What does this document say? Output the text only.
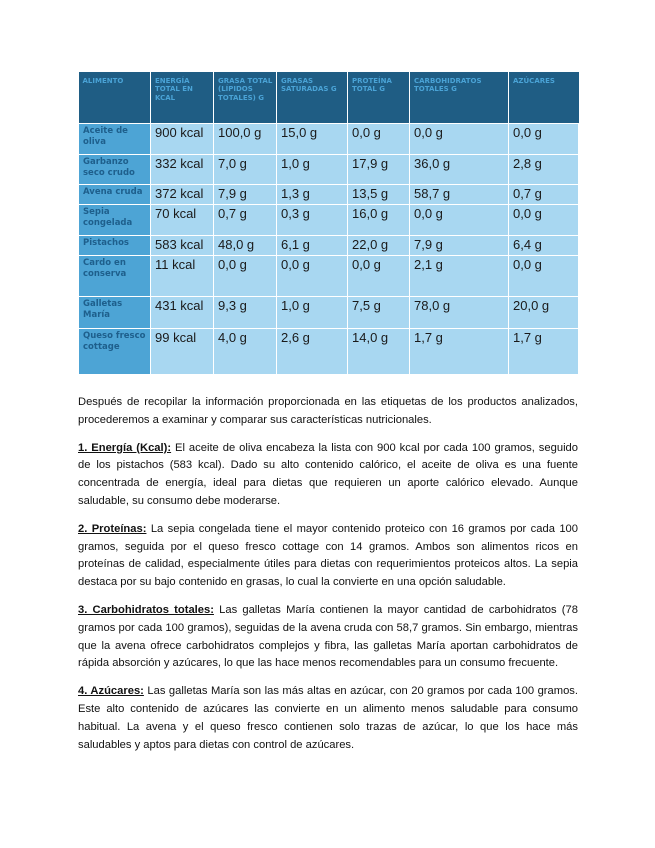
ALIMENTO	ENERGÍA TOTAL EN KCAL	GRASA TOTAL (LÍPIDOS TOTALES) G	GRASAS SATURADAS G	PROTEÍNA TOTAL G	CARBOHIDRATOS TOTALES G	AZÚCARES
Aceite de oliva	900 kcal	100,0 g	15,0 g	0,0 g	0,0 g	0,0 g
Garbanzo seco crudo	332 kcal	7,0 g	1,0 g	17,9 g	36,0 g	2,8 g
Avena cruda	372 kcal	7,9 g	1,3 g	13,5 g	58,7 g	0,7 g
Sepia congelada	70 kcal	0,7 g	0,3 g	16,0 g	0,0 g	0,0 g
Pistachos	583 kcal	48,0 g	6,1 g	22,0 g	7,9 g	6,4 g
Cardo en conserva	11 kcal	0,0 g	0,0 g	0,0 g	2,1 g	0,0 g
Galletas María	431 kcal	9,3 g	1,0 g	7,5 g	78,0 g	20,0 g
Queso fresco cottage	99 kcal	4,0 g	2,6 g	14,0 g	1,7 g	1,7 g

Después de recopilar la información proporcionada en las etiquetas de los productos analizados, procederemos a examinar y comparar sus características nutricionales.

1. Energía (Kcal): El aceite de oliva encabeza la lista con 900 kcal por cada 100 gramos, seguido de los pistachos (583 kcal). Dado su alto contenido calórico, el aceite de oliva es una fuente concentrada de energía, ideal para dietas que requieren un aporte calórico elevado. Aunque saludable, su consumo debe moderarse.

2. Proteínas: La sepia congelada tiene el mayor contenido proteico con 16 gramos por cada 100 gramos, seguida por el queso fresco cottage con 14 gramos. Ambos son alimentos ricos en proteínas de calidad, especialmente útiles para dietas con requerimientos proteicos altos. La sepia destaca por su bajo contenido en grasas, lo cual la convierte en una opción saludable.

3. Carbohidratos totales: Las galletas María contienen la mayor cantidad de carbohidratos (78 gramos por cada 100 gramos), seguidas de la avena cruda con 58,7 gramos. Sin embargo, mientras que la avena ofrece carbohidratos complejos y fibra, las galletas María aportan carbohidratos de rápida absorción y azúcares, lo que las hace menos recomendables para un consumo frecuente.

4. Azúcares: Las galletas María son las más altas en azúcar, con 20 gramos por cada 100 gramos. Este alto contenido de azúcares las convierte en un alimento menos saludable para consumo habitual. La avena y el queso fresco contienen solo trazas de azúcar, lo que los hace más saludables y aptos para dietas con control de azúcares.
